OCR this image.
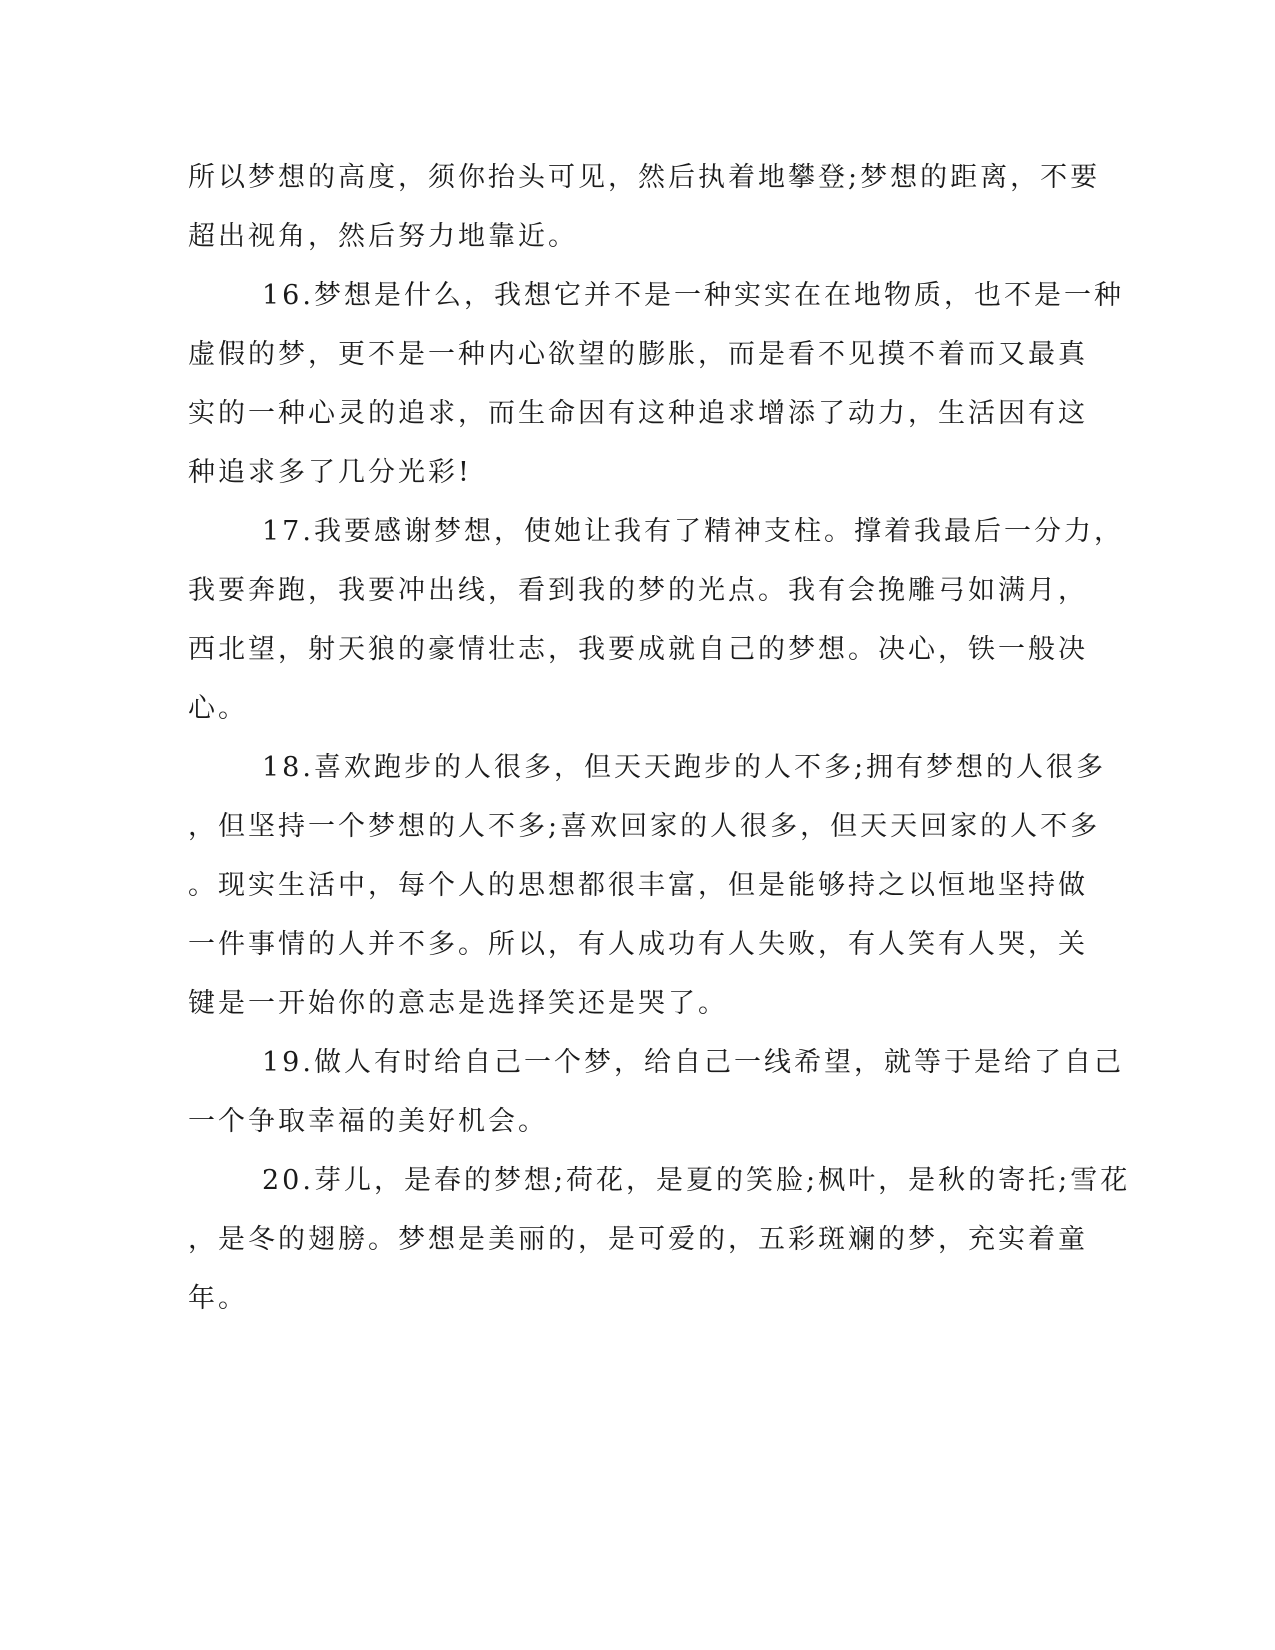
所以梦想的高度，须你抬头可见，然后执着地攀登;梦想的距离，不要
超出视角，然后努力地靠近。
16.梦想是什么，我想它并不是一种实实在在地物质，也不是一种
虚假的梦，更不是一种内心欲望的膨胀，而是看不见摸不着而又最真
实的一种心灵的追求，而生命因有这种追求增添了动力，生活因有这
种追求多了几分光彩!
17.我要感谢梦想，使她让我有了精神支柱。撑着我最后一分力，
我要奔跑，我要冲出线，看到我的梦的光点。我有会挽雕弓如满月，
西北望，射天狼的豪情壮志，我要成就自己的梦想。决心，铁一般决
心。
18.喜欢跑步的人很多，但天天跑步的人不多;拥有梦想的人很多
，但坚持一个梦想的人不多;喜欢回家的人很多，但天天回家的人不多
。现实生活中，每个人的思想都很丰富，但是能够持之以恒地坚持做
一件事情的人并不多。所以，有人成功有人失败，有人笑有人哭，关
键是一开始你的意志是选择笑还是哭了。
19.做人有时给自己一个梦，给自己一线希望，就等于是给了自己
一个争取幸福的美好机会。
20.芽儿，是春的梦想;荷花，是夏的笑脸;枫叶，是秋的寄托;雪花
，是冬的翅膀。梦想是美丽的，是可爱的，五彩斑斓的梦，充实着童
年。
